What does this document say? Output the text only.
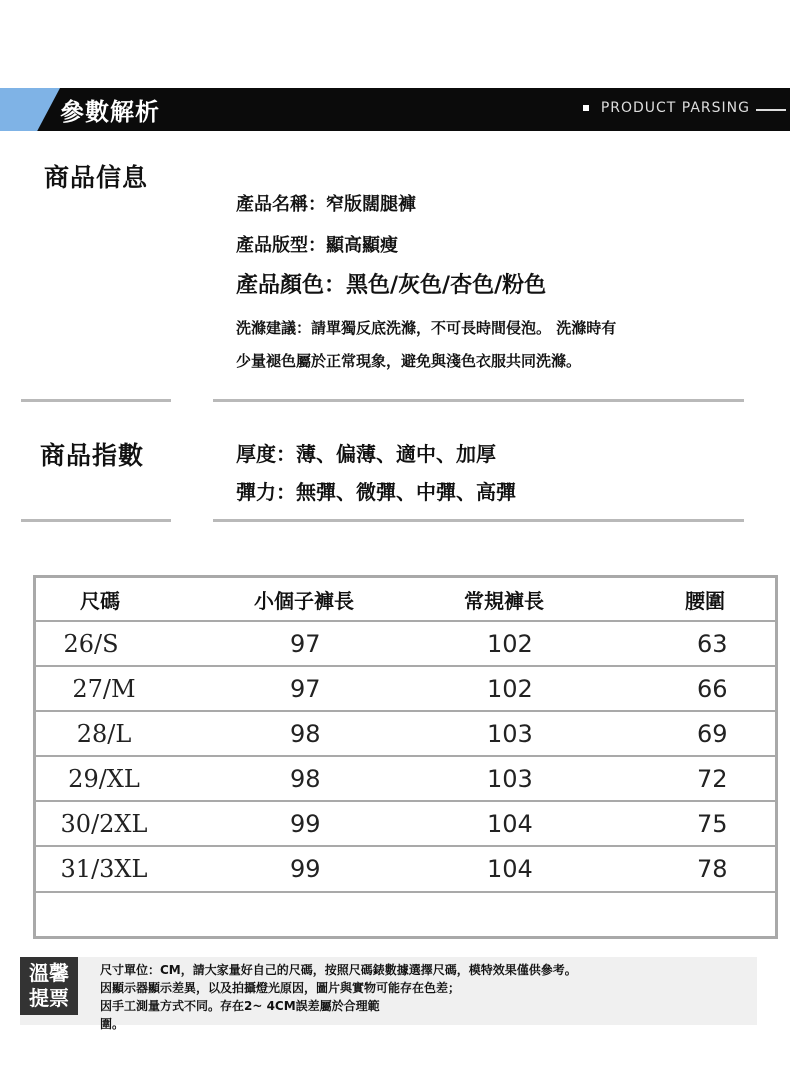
參數解析	PRODUCT PARSING
商品信息
產品名稱：窄版闊腿褲
產品版型：顯高顯瘦
產品顏色：黑色/灰色/杏色/粉色
洗滌建議：請單獨反底洗滌，不可長時間侵泡。 洗滌時有
少量褪色屬於正常現象，避免與淺色衣服共同洗滌。
商品指數	厚度：薄、偏薄、適中、加厚
彈力：無彈、微彈、中彈、高彈
尺碼	小個子褲長	常規褲長	腰圍
26/S	97	102	63
27/M	97	102	66
28/L	98	103	69
29/XL	98	103	72
30/2XL	99	104	75
31/3XL	99	104	78
溫馨
提票
尺寸單位：CM，請大家量好自己的尺碼，按照尺碼錶數據選擇尺碼，模特效果僅供參考。
因顯示器顯示差異，以及拍攝燈光原因，圖片與實物可能存在色差；
因手工測量方式不同。存在2~ 4CM誤差屬於合理範
圍。
